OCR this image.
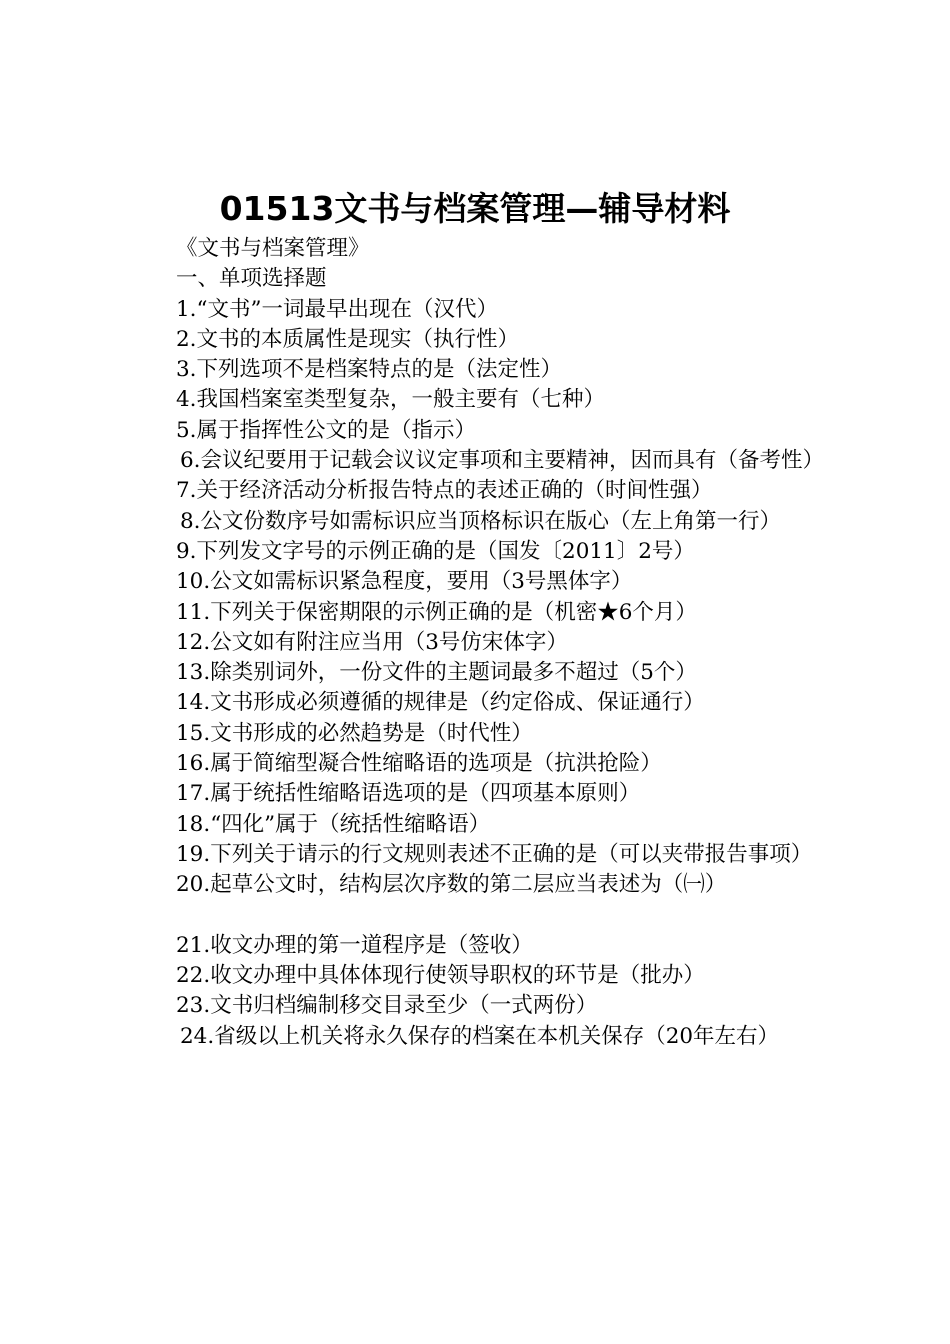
01513文书与档案管理—辅导材料
《文书与档案管理》
一、单项选择题
1.“文书”一词最早出现在（汉代）
2.文书的本质属性是现实（执行性）
3.下列选项不是档案特点的是（法定性）
4.我国档案室类型复杂，一般主要有（七种）
5.属于指挥性公文的是（指示）
6.会议纪要用于记载会议议定事项和主要精神，因而具有（备考性）
7.关于经济活动分析报告特点的表述正确的（时间性强）
8.公文份数序号如需标识应当顶格标识在版心（左上角第一行）
9.下列发文字号的示例正确的是（国发〔2011〕2号）
10.公文如需标识紧急程度，要用（3号黑体字）
11.下列关于保密期限的示例正确的是（机密★6个月）
12.公文如有附注应当用（3号仿宋体字）
13.除类别词外，一份文件的主题词最多不超过（5个）
14.文书形成必须遵循的规律是（约定俗成、保证通行）
15.文书形成的必然趋势是（时代性）
16.属于简缩型凝合性缩略语的选项是（抗洪抢险）
17.属于统括性缩略语选项的是（四项基本原则）
18.“四化”属于（统括性缩略语）
19.下列关于请示的行文规则表述不正确的是（可以夹带报告事项）
20.起草公文时，结构层次序数的第二层应当表述为（㈠）
21.收文办理的第一道程序是（签收）
22.收文办理中具体体现行使领导职权的环节是（批办）
23.文书归档编制移交目录至少（一式两份）
24.省级以上机关将永久保存的档案在本机关保存（20年左右）
